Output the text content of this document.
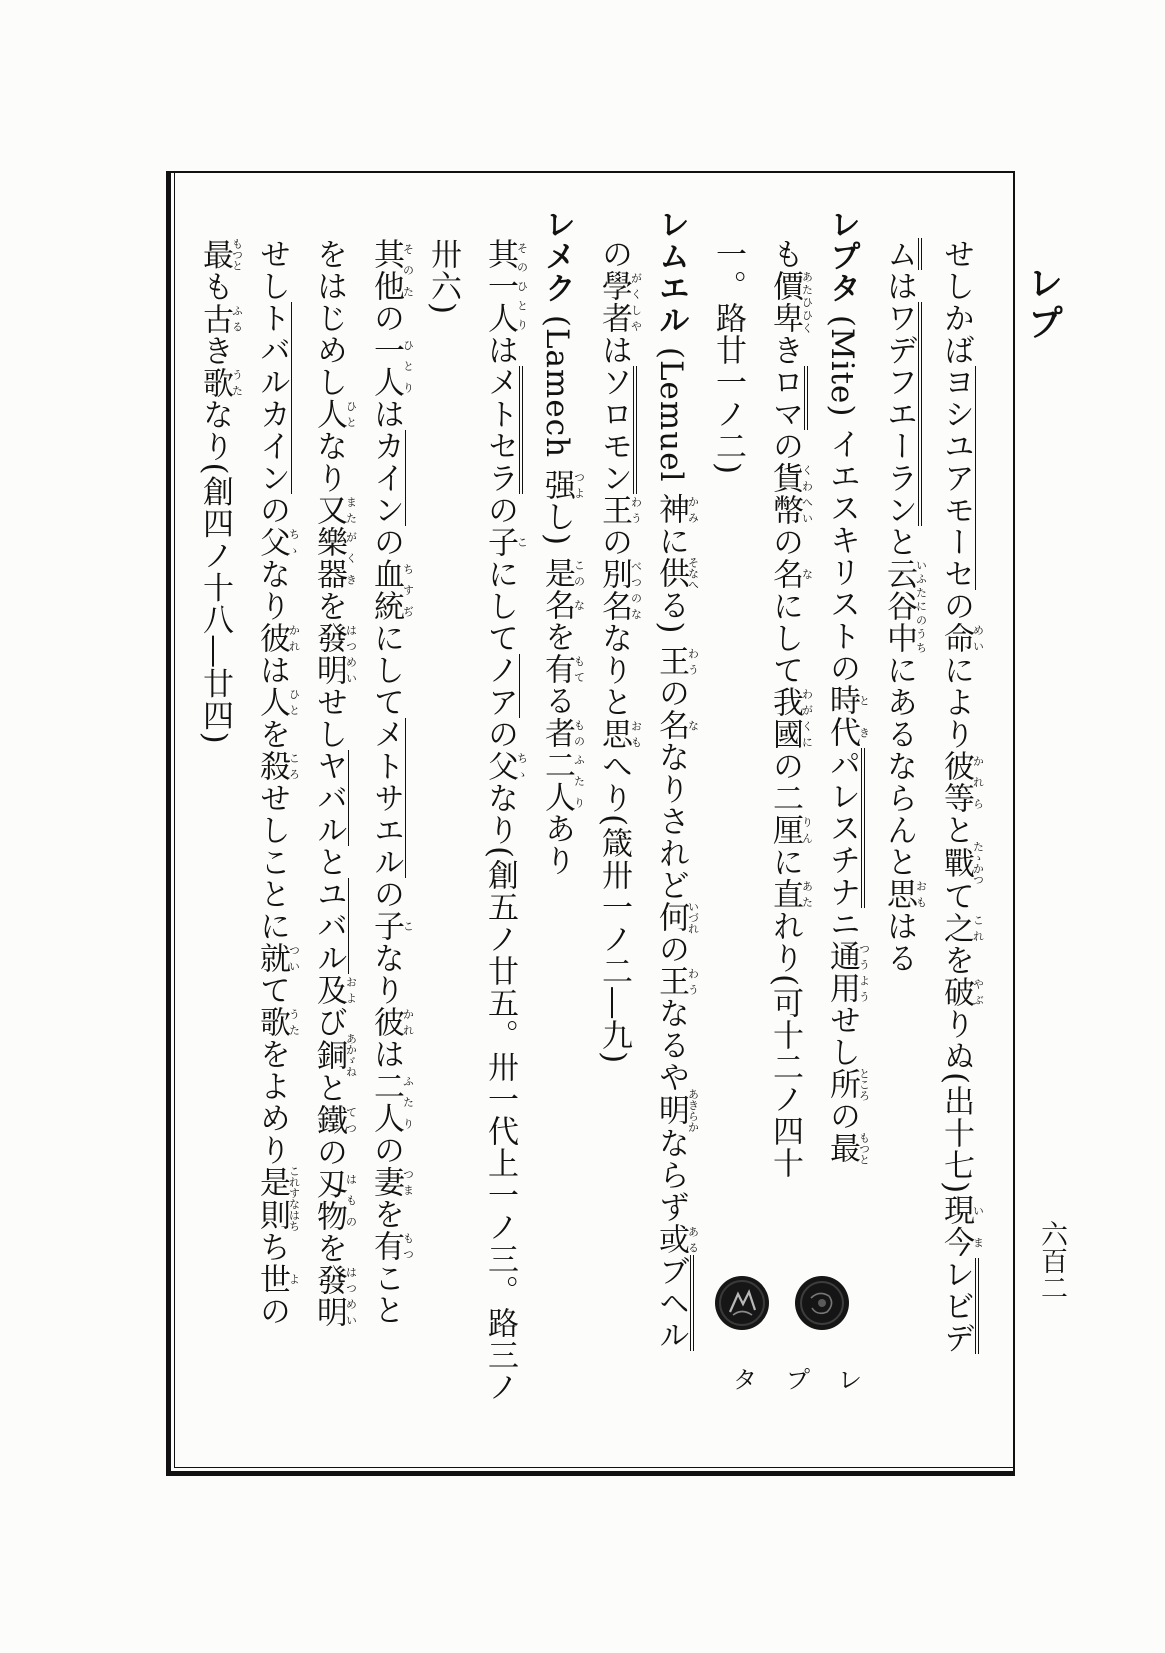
レプ
六百二
せしかばヨシユアモーセの命めいにより彼等かれらと戰たゝかつて之これを破やぶりぬ(出十七)現今いまレビデ
ムはワデフエーランと云谷中いふたにのうちにあるならんと思おもはる
レプタ (Mite) イエスキリストの時代ときパレスチナニ通用つうようせし所ところの最もつと
も價卑あたひひくきロマの貨幣くわへいの名なにして我國わがくにの二厘りんに直あたれり(可十二ノ四十
一。路廿一ノ二)
レムエル (Lemuel 神かみに供そなへる) 王わうの名ななりされど何いづれの王わうなるや明あきらかならず或あるブヘル
の學者がくしやはソロモン王わうの別名べつのななりと思おもへり(箴卅一ノ二―九)
レメク (Lamech 强つよし) 是この名なを有もてる者もの二人ふたりあり
其一人そのひとりはメトセラの子こにしてノアの父ちゝなり(創五ノ廿五。卅一代上一ノ三。路三ノ
卅六)
其他そのたの一人ひとりはカインの血統ちすぢにしてメトサエルの子こなり彼かれは二人ふたりの妻つまを有もつこと
をはじめし人ひとなり又また樂器がくきを發明はつめいせしヤバルとユバル及および銅あかゞねと鐵てつの刄物はものを發明はつめい
せしトバルカインの父ちゝなり彼かれは人ひとを殺ころせしことに就ついて歌うたをよめり是則これすなはちち世よの
最もつとも古ふるき歌うたなり(創四ノ十八―廿四)
レプタ
